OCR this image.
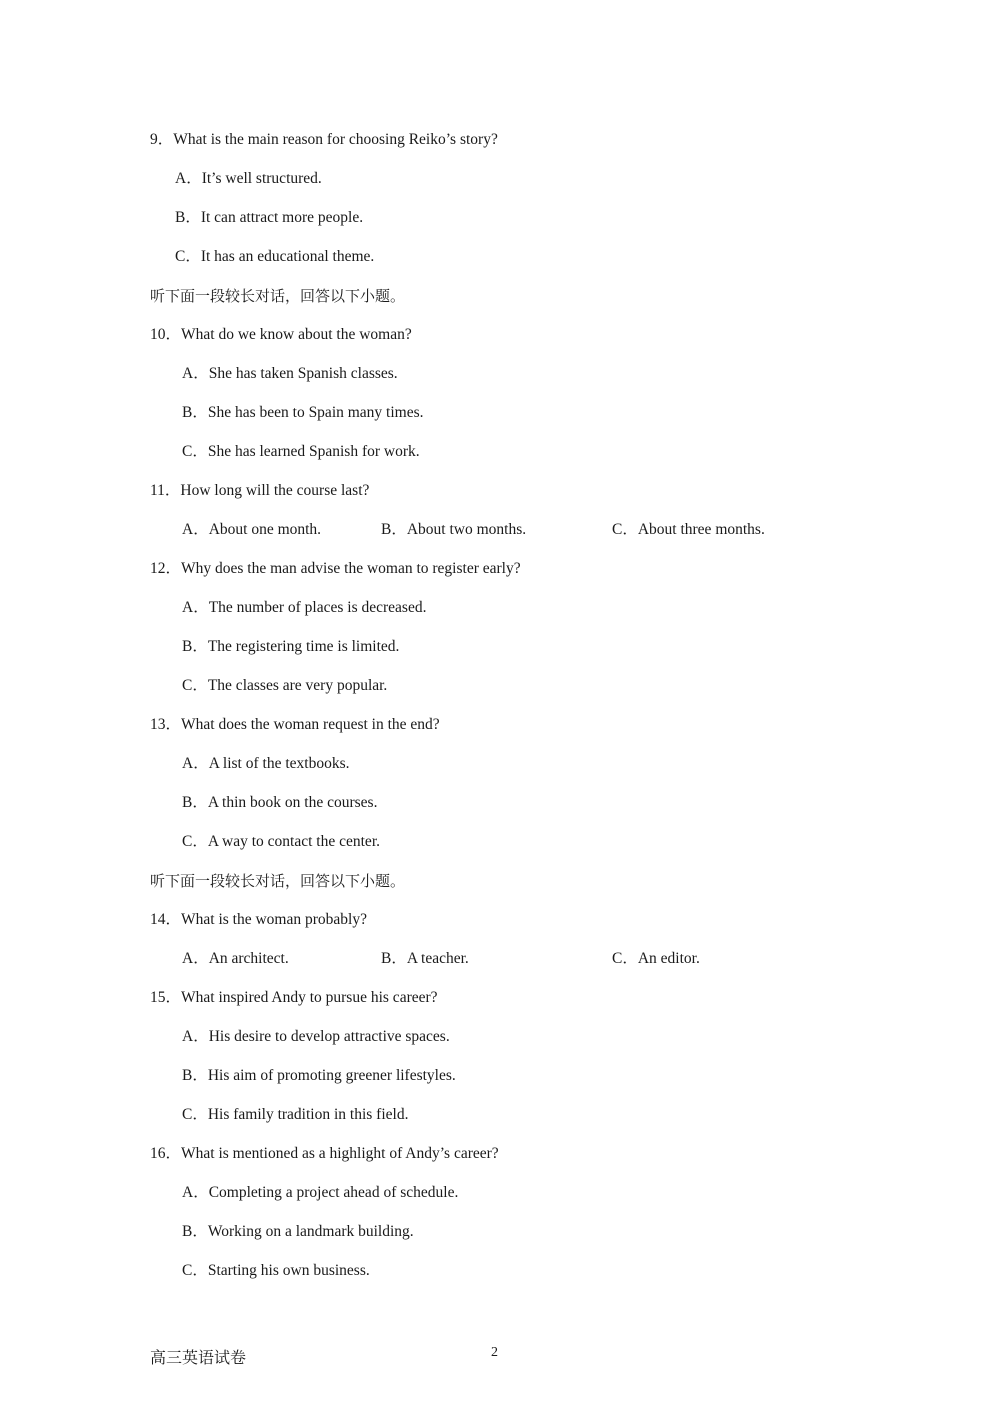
9．What is the main reason for choosing Reiko’s story?
A．It’s well structured.
B．It can attract more people.
C．It has an educational theme.
听下面一段较长对话，回答以下小题。
10．What do we know about the woman?
A．She has taken Spanish classes.
B．She has been to Spain many times.
C．She has learned Spanish for work.
11．How long will the course last?
A．About one month.	B．About two months.	C．About three months.
12．Why does the man advise the woman to register early?
A．The number of places is decreased.
B．The registering time is limited.
C．The classes are very popular.
13．What does the woman request in the end?
A．A list of the textbooks.
B．A thin book on the courses.
C．A way to contact the center.
听下面一段较长对话，回答以下小题。
14．What is the woman probably?
A．An architect.	B．A teacher.	C．An editor.
15．What inspired Andy to pursue his career?
A．His desire to develop attractive spaces.
B．His aim of promoting greener lifestyles.
C．His family tradition in this field.
16．What is mentioned as a highlight of Andy’s career?
A．Completing a project ahead of schedule.
B．Working on a landmark building.
C．Starting his own business.
高三英语试卷	2
